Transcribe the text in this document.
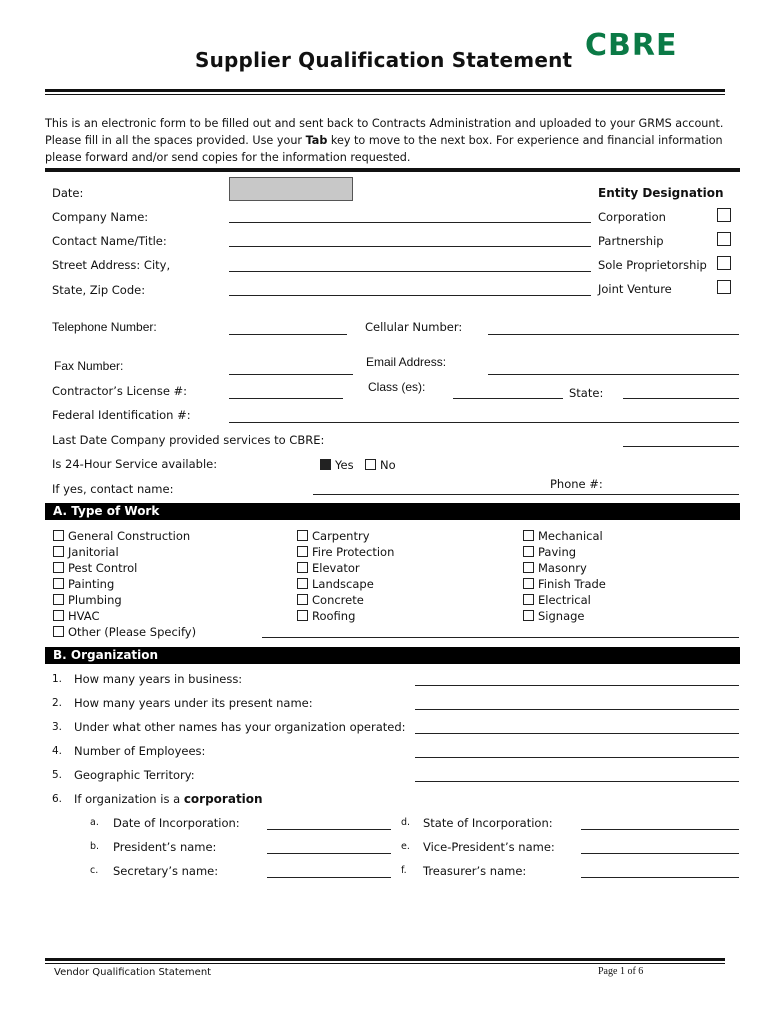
Supplier Qualification Statement CBRE
This is an electronic form to be filled out and sent back to Contracts Administration and uploaded to your GRMS account. Please fill in all the spaces provided. Use your Tab key to move to the next box. For experience and financial information please forward and/or send copies for the information requested.
Date:
Company Name:
Contact Name/Title:
Street Address: City,
State, Zip Code:
Entity Designation
Corporation
Partnership
Sole Proprietorship
Joint Venture
Telephone Number:	Cellular Number:
Fax Number:	Email Address:
Contractor’s License #:	Class (es):	State:
Federal Identification #:
Last Date Company provided services to CBRE:
Is 24-Hour Service available:	Yes	No
If yes, contact name:	Phone #:
A. Type of Work
General Construction
Janitorial
Pest Control
Painting
Plumbing
HVAC
Other (Please Specify)
Carpentry
Fire Protection
Elevator
Landscape
Concrete
Roofing
Mechanical
Paving
Masonry
Finish Trade
Electrical
Signage
B. Organization
1. How many years in business:
2. How many years under its present name:
3. Under what other names has your organization operated:
4. Number of Employees:
5. Geographic Territory:
6. If organization is a corporation
a. Date of Incorporation:
b. President’s name:
c. Secretary’s name:
d. State of Incorporation:
e. Vice-President’s name:
f. Treasurer’s name:
Vendor Qualification Statement	Page 1 of 6
